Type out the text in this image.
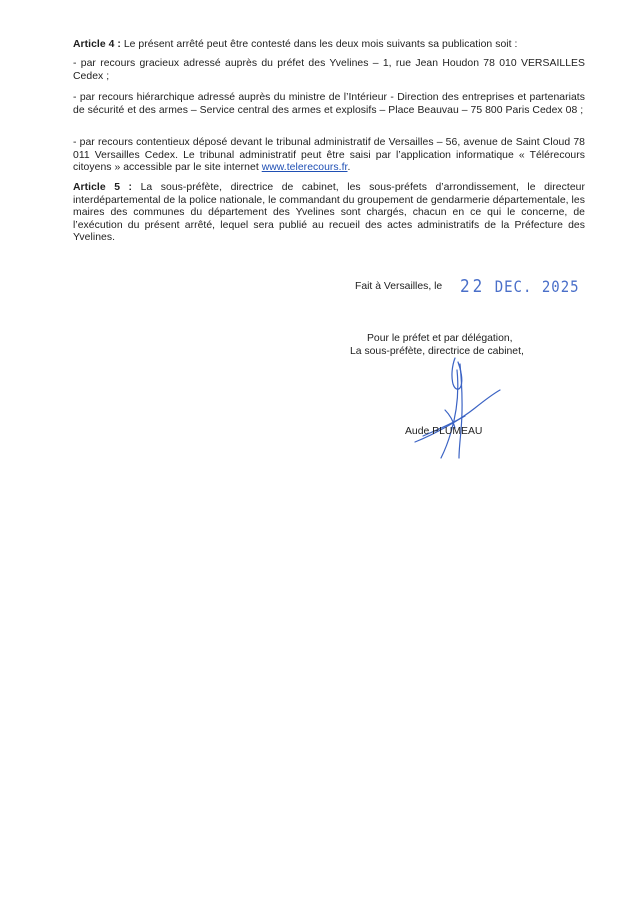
Article 4 : Le présent arrêté peut être contesté dans les deux mois suivants sa publication soit :

- par recours gracieux adressé auprès du préfet des Yvelines – 1, rue Jean Houdon 78 010 VERSAILLES Cedex ;

- par recours hiérarchique adressé auprès du ministre de l’Intérieur - Direction des entreprises et partenariats de sécurité et des armes – Service central des armes et explosifs – Place Beauvau – 75 800 Paris Cedex 08 ;

- par recours contentieux déposé devant le tribunal administratif de Versailles – 56, avenue de Saint Cloud 78 011 Versailles Cedex. Le tribunal administratif peut être saisi par l’application informatique « Télérecours citoyens » accessible par le site internet www.telerecours.fr.

Article 5 : La sous-préfète, directrice de cabinet, les sous-préfets d’arrondissement, le directeur interdépartemental de la police nationale, le commandant du groupement de gendarmerie départementale, les maires des communes du département des Yvelines sont chargés, chacun en ce qui le concerne, de l’exécution du présent arrêté, lequel sera publié au recueil des actes administratifs de la Préfecture des Yvelines.

Fait à Versailles, le 22 DEC. 2025
Pour le préfet et par délégation,
La sous-préfète, directrice de cabinet,
Aude PLUMEAU
